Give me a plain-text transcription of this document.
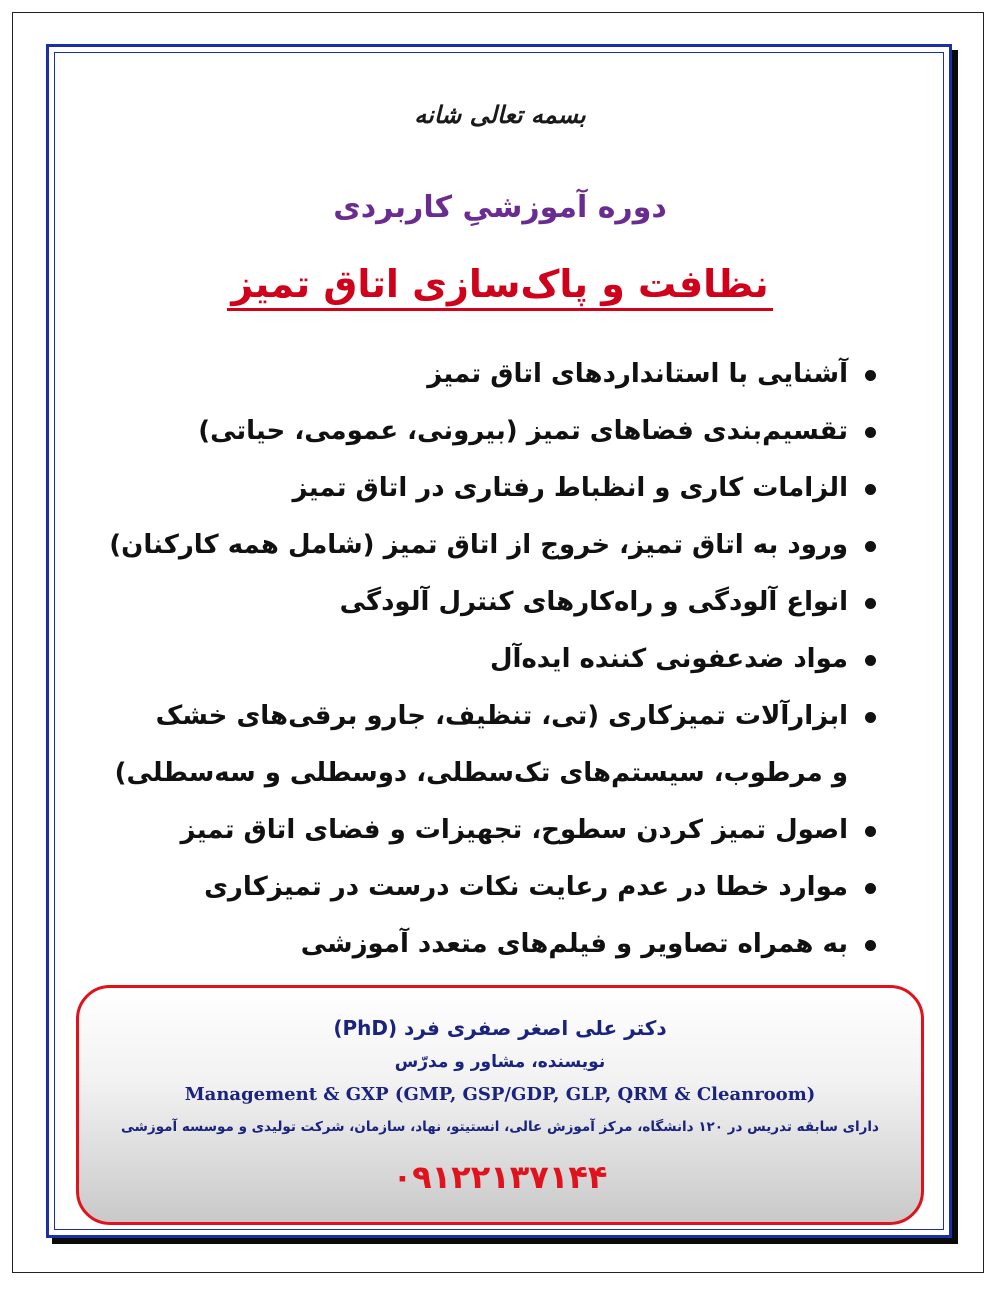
بسمه تعالی شانه
دوره آموزشیِ کاربردی
نظافت و پاک‌سازی اتاق تمیز
آشنایی با استانداردهای اتاق تمیز
تقسیم‌بندی فضاهای تمیز (بیرونی، عمومی، حیاتی)
الزامات کاری و انظباط رفتاری در اتاق تمیز
ورود به اتاق تمیز، خروج از اتاق تمیز (شامل همه کارکنان)
انواع آلودگی و راه‌کارهای کنترل آلودگی
مواد ضدعفونی کننده ایده‌آل
ابزارآلات تمیزکاری (تی، تنظیف، جارو برقی‌های خشک
و مرطوب، سیستم‌های تک‌سطلی، دوسطلی و سه‌سطلی)
اصول تمیز کردن سطوح، تجهیزات و فضای اتاق تمیز
موارد خطا در عدم رعایت نکات درست در تمیزکاری
به همراه تصاویر و فیلم‌های متعدد آموزشی
دکتر علی اصغر صفری فرد (PhD)
نویسنده، مشاور و مدرّس
Management & GXP (GMP, GSP/GDP, GLP, QRM & Cleanroom)
دارای سابقه تدریس در ۱۲۰ دانشگاه، مرکز آموزش عالی، انستیتو، نهاد، سازمان، شرکت تولیدی و موسسه آموزشی
۰۹۱۲۲۱۳۷۱۴۴
